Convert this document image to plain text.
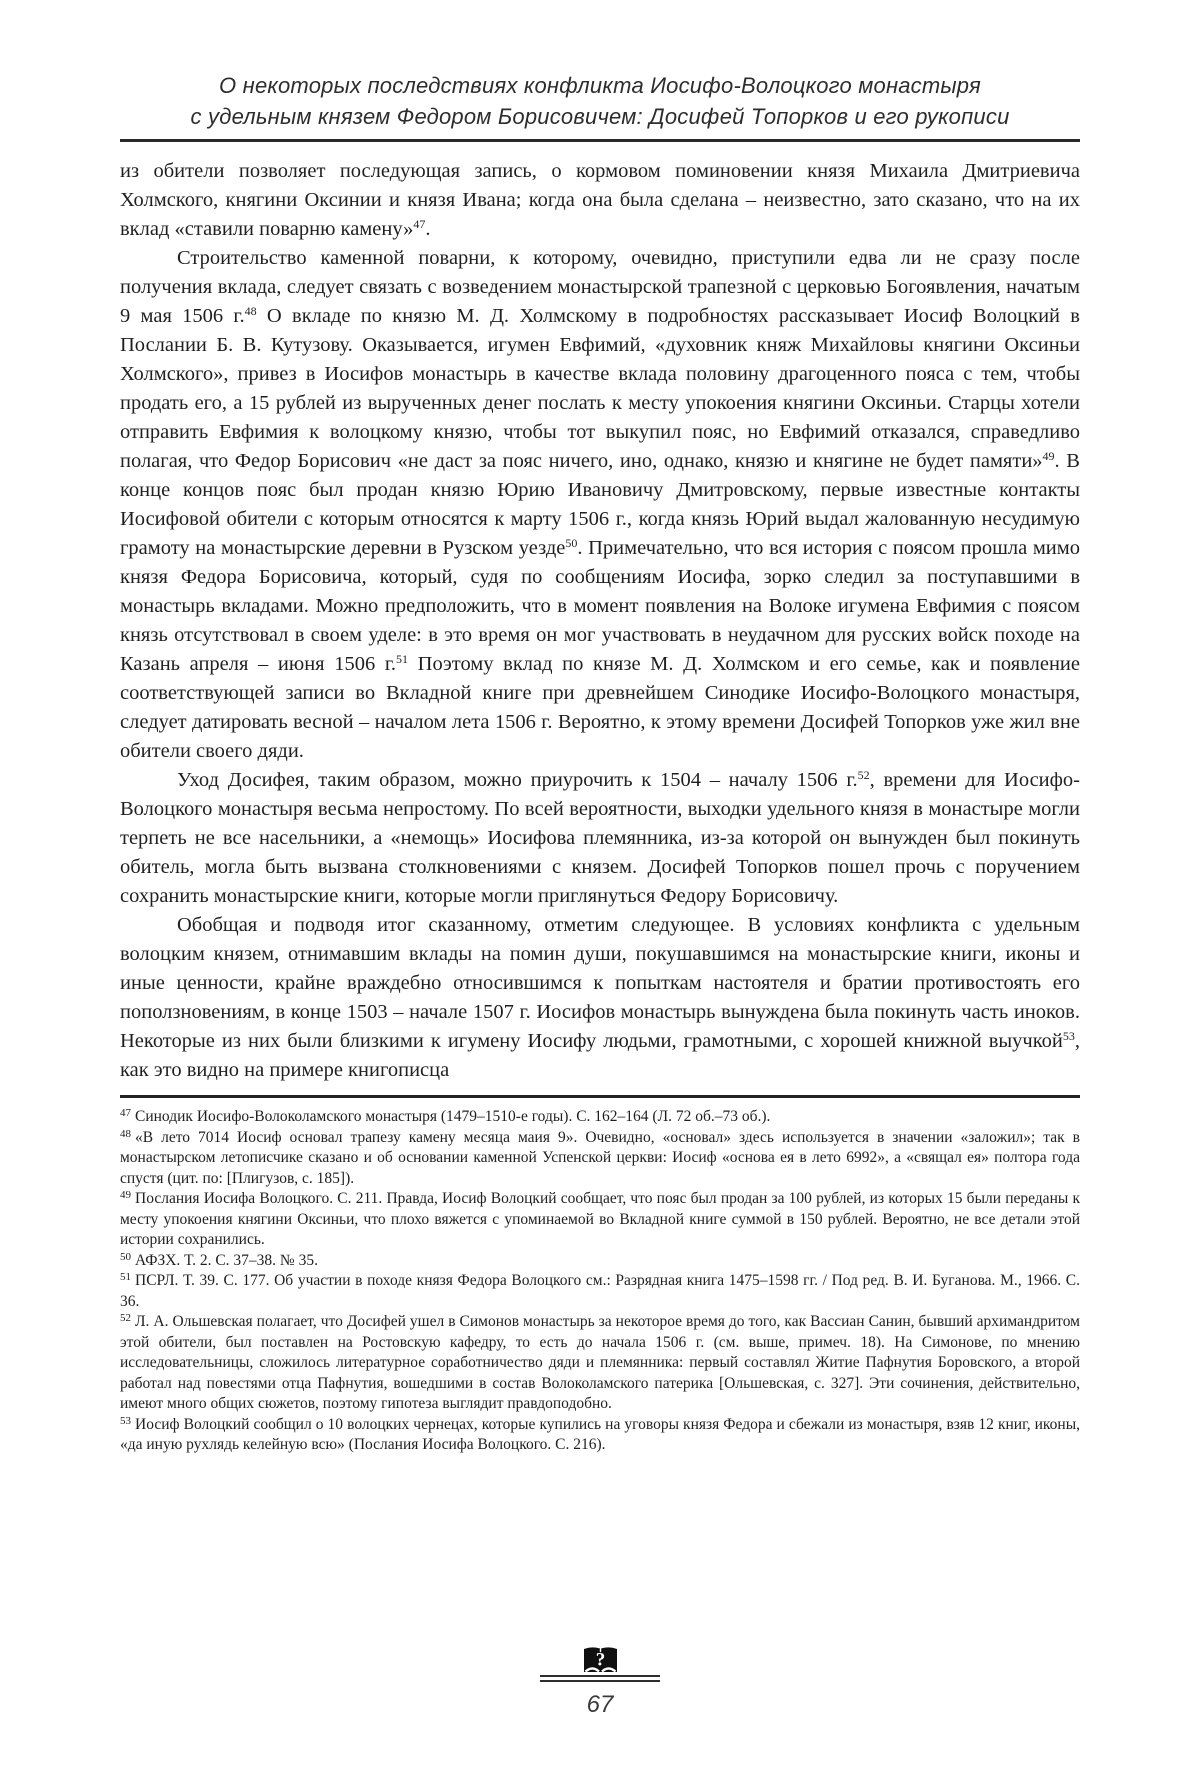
О некоторых последствиях конфликта Иосифо-Волоцкого монастыря
с удельным князем Федором Борисовичем: Досифей Топорков и его рукописи

из обители позволяет последующая запись, о кормовом поминовении князя Михаила Дмитриевича Холмского, княгини Оксинии и князя Ивана; когда она была сделана – неизвестно, зато сказано, что на их вклад «ставили поварню камену»$^{47}$.

Строительство каменной поварни, к которому, очевидно, приступили едва ли не сразу после получения вклада, следует связать с возведением монастырской трапезной с церковью Богоявления, начатым 9 мая 1506 г.$^{48}$ О вкладе по князю М. Д. Холмскому в подробностях рассказывает Иосиф Волоцкий в Послании Б. В. Кутузову. Оказывается, игумен Евфимий, «духовник княж Михайловы княгини Оксиньи Холмского», привез в Иосифов монастырь в качестве вклада половину драгоценного пояса с тем, чтобы продать его, а 15 рублей из вырученных денег послать к месту упокоения княгини Оксиньи. Старцы хотели отправить Евфимия к волоцкому князю, чтобы тот выкупил пояс, но Евфимий отказался, справедливо полагая, что Федор Борисович «не даст за пояс ничего, ино, однако, князю и княгине не будет памяти»$^{49}$. В конце концов пояс был продан князю Юрию Ивановичу Дмитровскому, первые известные контакты Иосифовой обители с которым относятся к марту 1506 г., когда князь Юрий выдал жалованную несудимую грамоту на монастырские деревни в Рузском уезде$^{50}$. Примечательно, что вся история с поясом прошла мимо князя Федора Борисовича, который, судя по сообщениям Иосифа, зорко следил за поступавшими в монастырь вкладами. Можно предположить, что в момент появления на Волоке игумена Евфимия с поясом князь отсутствовал в своем уделе: в это время он мог участвовать в неудачном для русских войск походе на Казань апреля – июня 1506 г.$^{51}$ Поэтому вклад по князе М. Д. Холмском и его семье, как и появление соответствующей записи во Вкладной книге при древнейшем Синодике Иосифо-Волоцкого монастыря, следует датировать весной – началом лета 1506 г. Вероятно, к этому времени Досифей Топорков уже жил вне обители своего дяди.

Уход Досифея, таким образом, можно приурочить к 1504 – началу 1506 г.$^{52}$, времени для Иосифо-Волоцкого монастыря весьма непростому. По всей вероятности, выходки удельного князя в монастыре могли терпеть не все насельники, а «немощь» Иосифова племянника, из-за которой он вынужден был покинуть обитель, могла быть вызвана столкновениями с князем. Досифей Топорков пошел прочь с поручением сохранить монастырские книги, которые могли приглянуться Федору Борисовичу.

Обобщая и подводя итог сказанному, отметим следующее. В условиях конфликта с удельным волоцким князем, отнимавшим вклады на помин души, покушавшимся на монастырские книги, иконы и иные ценности, крайне враждебно относившимся к попыткам настоятеля и братии противостоять его поползновениям, в конце 1503 – начале 1507 г. Иосифов монастырь вынуждена была покинуть часть иноков. Некоторые из них были близкими к игумену Иосифу людьми, грамотными, с хорошей книжной выучкой$^{53}$, как это видно на примере книгописца

$^{47}$ Синодик Иосифо-Волоколамского монастыря (1479–1510-е годы). С. 162–164 (Л. 72 об.–73 об.).

$^{48}$ «В лето 7014 Иосиф основал трапезу камену месяца маия 9». Очевидно, «основал» здесь используется в значении «заложил»; так в монастырском летописчике сказано и об основании каменной Успенской церкви: Иосиф «основа ея в лето 6992», а «свящал ея» полтора года спустя (цит. по: [Плигузов, с. 185]).

$^{49}$ Послания Иосифа Волоцкого. С. 211. Правда, Иосиф Волоцкий сообщает, что пояс был продан за 100 рублей, из которых 15 были переданы к месту упокоения княгини Оксиньи, что плохо вяжется с упоминаемой во Вкладной книге суммой в 150 рублей. Вероятно, не все детали этой истории сохранились.

$^{50}$ АФЗХ. Т. 2. С. 37–38. № 35.

$^{51}$ ПСРЛ. Т. 39. С. 177. Об участии в походе князя Федора Волоцкого см.: Разрядная книга 1475–1598 гг. / Под ред. В. И. Буганова. М., 1966. С. 36.

$^{52}$ Л. А. Ольшевская полагает, что Досифей ушел в Симонов монастырь за некоторое время до того, как Вассиан Санин, бывший архимандритом этой обители, был поставлен на Ростовскую кафедру, то есть до начала 1506 г. (см. выше, примеч. 18). На Симонове, по мнению исследовательницы, сложилось литературное соработничество дяди и племянника: первый составлял Житие Пафнутия Боровского, а второй работал над повестями отца Пафнутия, вошедшими в состав Волоколамского патерика [Ольшевская, с. 327]. Эти сочинения, действительно, имеют много общих сюжетов, поэтому гипотеза выглядит правдоподобно.

$^{53}$ Иосиф Волоцкий сообщил о 10 волоцких чернецах, которые купились на уговоры князя Федора и сбежали из монастыря, взяв 12 книг, иконы, «да иную рухлядь келейную всю» (Послания Иосифа Волоцкого. С. 216).

?
67
